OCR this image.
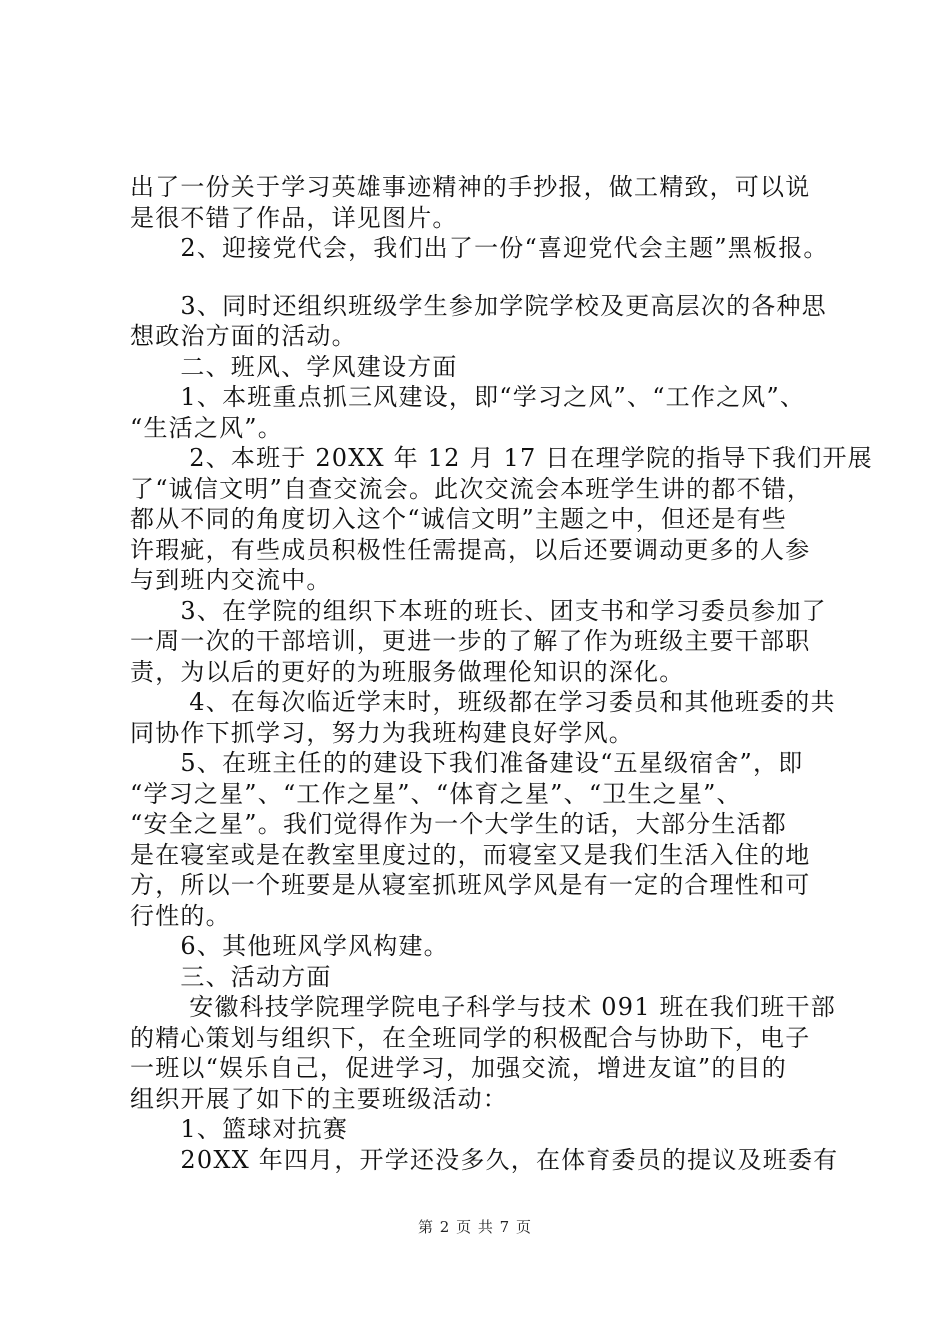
出了一份关于学习英雄事迹精神的手抄报，做工精致，可以说
是很不错了作品，详见图片。
　　2、迎接党代会，我们出了一份“喜迎党代会主题”黑板报。
　　3、同时还组织班级学生参加学院学校及更高层次的各种思
想政治方面的活动。
　　二、班风、学风建设方面
　　1、本班重点抓三风建设，即“学习之风”、“工作之风”、
“生活之风”。
　　 2、本班于 20XX 年 12 月 17 日在理学院的指导下我们开展
了“诚信文明”自查交流会。此次交流会本班学生讲的都不错，
都从不同的角度切入这个“诚信文明”主题之中，但还是有些
许瑕疵，有些成员积极性任需提高，以后还要调动更多的人参
与到班内交流中。
　　3、在学院的组织下本班的班长、团支书和学习委员参加了
一周一次的干部培训，更进一步的了解了作为班级主要干部职
责，为以后的更好的为班服务做理伦知识的深化。
　　 4、在每次临近学末时，班级都在学习委员和其他班委的共
同协作下抓学习，努力为我班构建良好学风。
　　5、在班主任的的建设下我们准备建设“五星级宿舍”，即
“学习之星”、“工作之星”、“体育之星”、“卫生之星”、
“安全之星”。我们觉得作为一个大学生的话，大部分生活都
是在寝室或是在教室里度过的，而寝室又是我们生活入住的地
方，所以一个班要是从寝室抓班风学风是有一定的合理性和可
行性的。
　　6、其他班风学风构建。
　　三、活动方面
　　 安徽科技学院理学院电子科学与技术 091 班在我们班干部
的精心策划与组织下，在全班同学的积极配合与协助下，电子
一班以“娱乐自己，促进学习，加强交流，增进友谊”的目的
组织开展了如下的主要班级活动：
　　1、篮球对抗赛
　　20XX 年四月，开学还没多久，在体育委员的提议及班委有
第 2 页 共 7 页
